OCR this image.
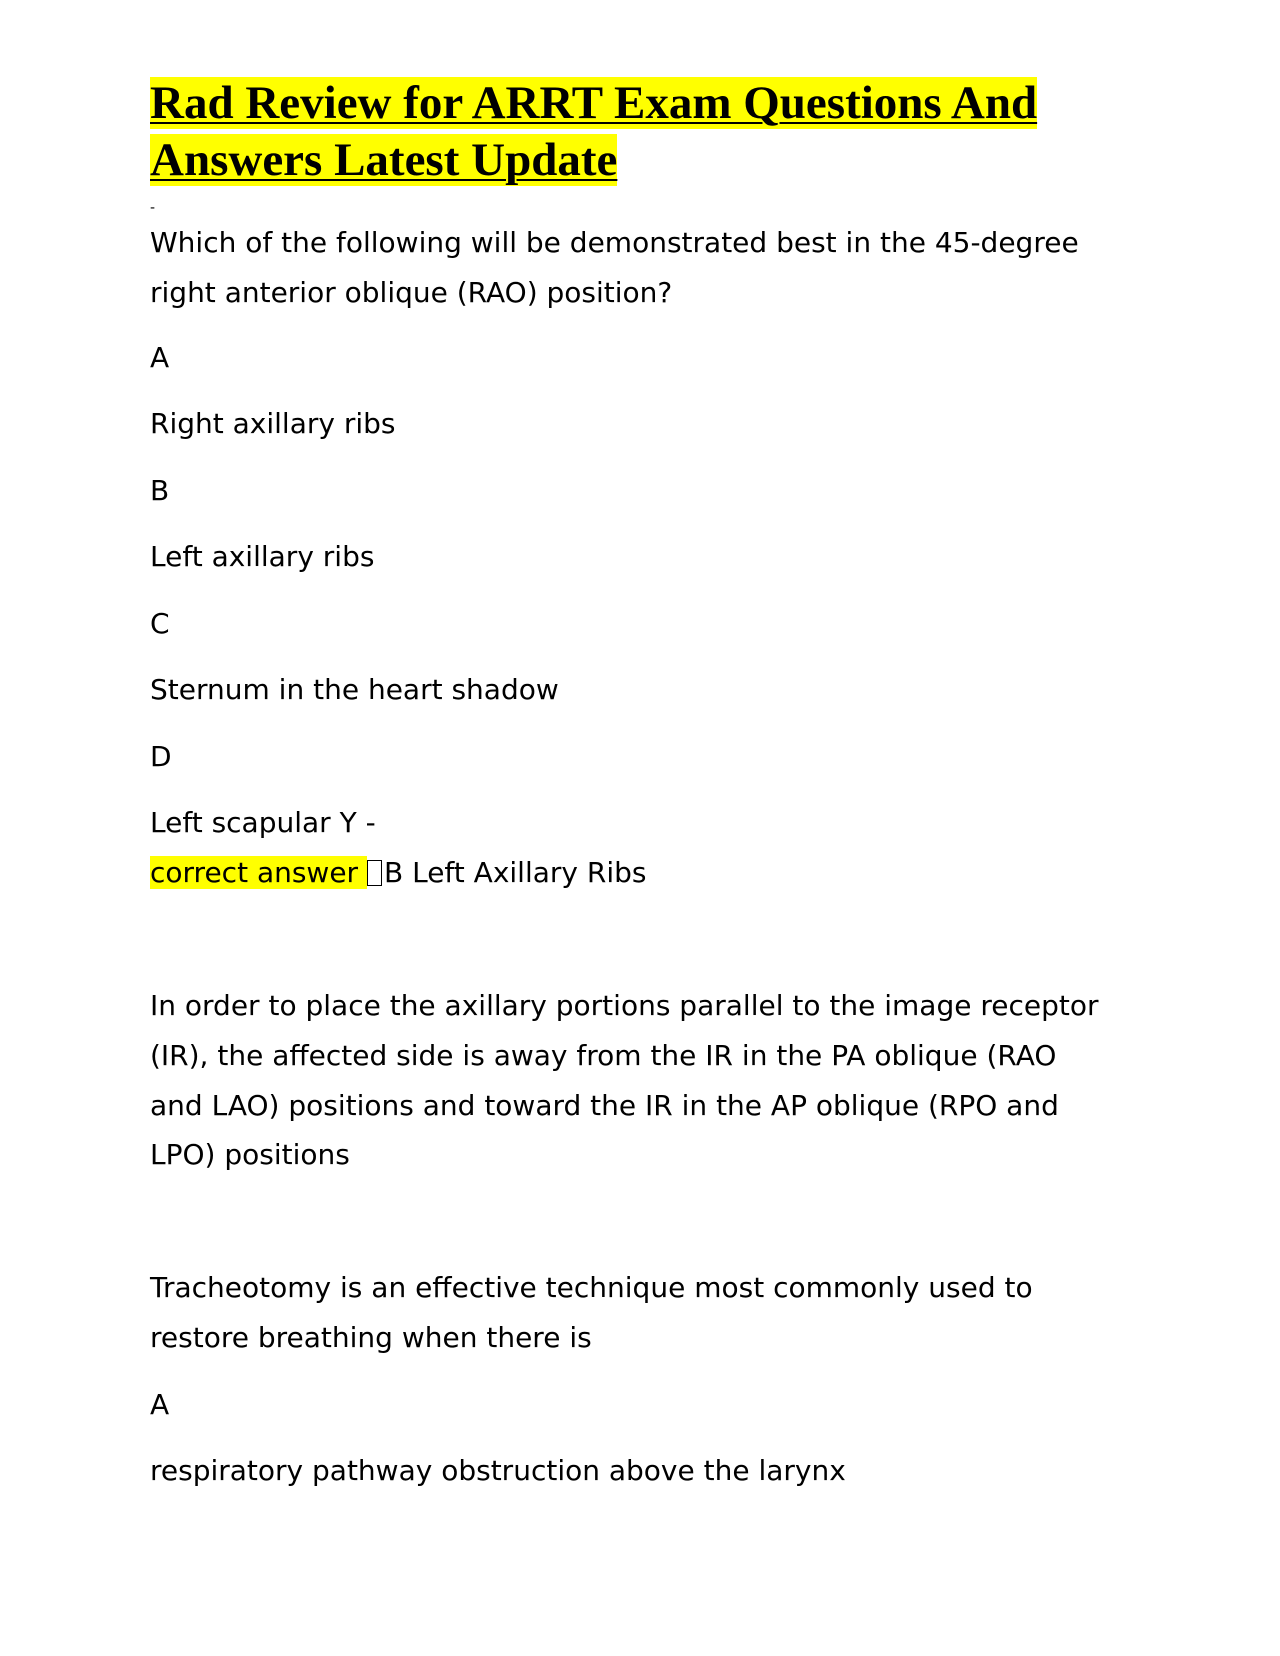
Rad Review for ARRT Exam Questions And
Answers Latest Update
-

Which of the following will be demonstrated best in the 45-degree

right anterior oblique (RAO) position?

A

Right axillary ribs

B

Left axillary ribs

C

Sternum in the heart shadow

D

Left scapular Y -

correct answer B Left Axillary Ribs

In order to place the axillary portions parallel to the image receptor

(IR), the affected side is away from the IR in the PA oblique (RAO

and LAO) positions and toward the IR in the AP oblique (RPO and

LPO) positions

Tracheotomy is an effective technique most commonly used to

restore breathing when there is

A

respiratory pathway obstruction above the larynx
